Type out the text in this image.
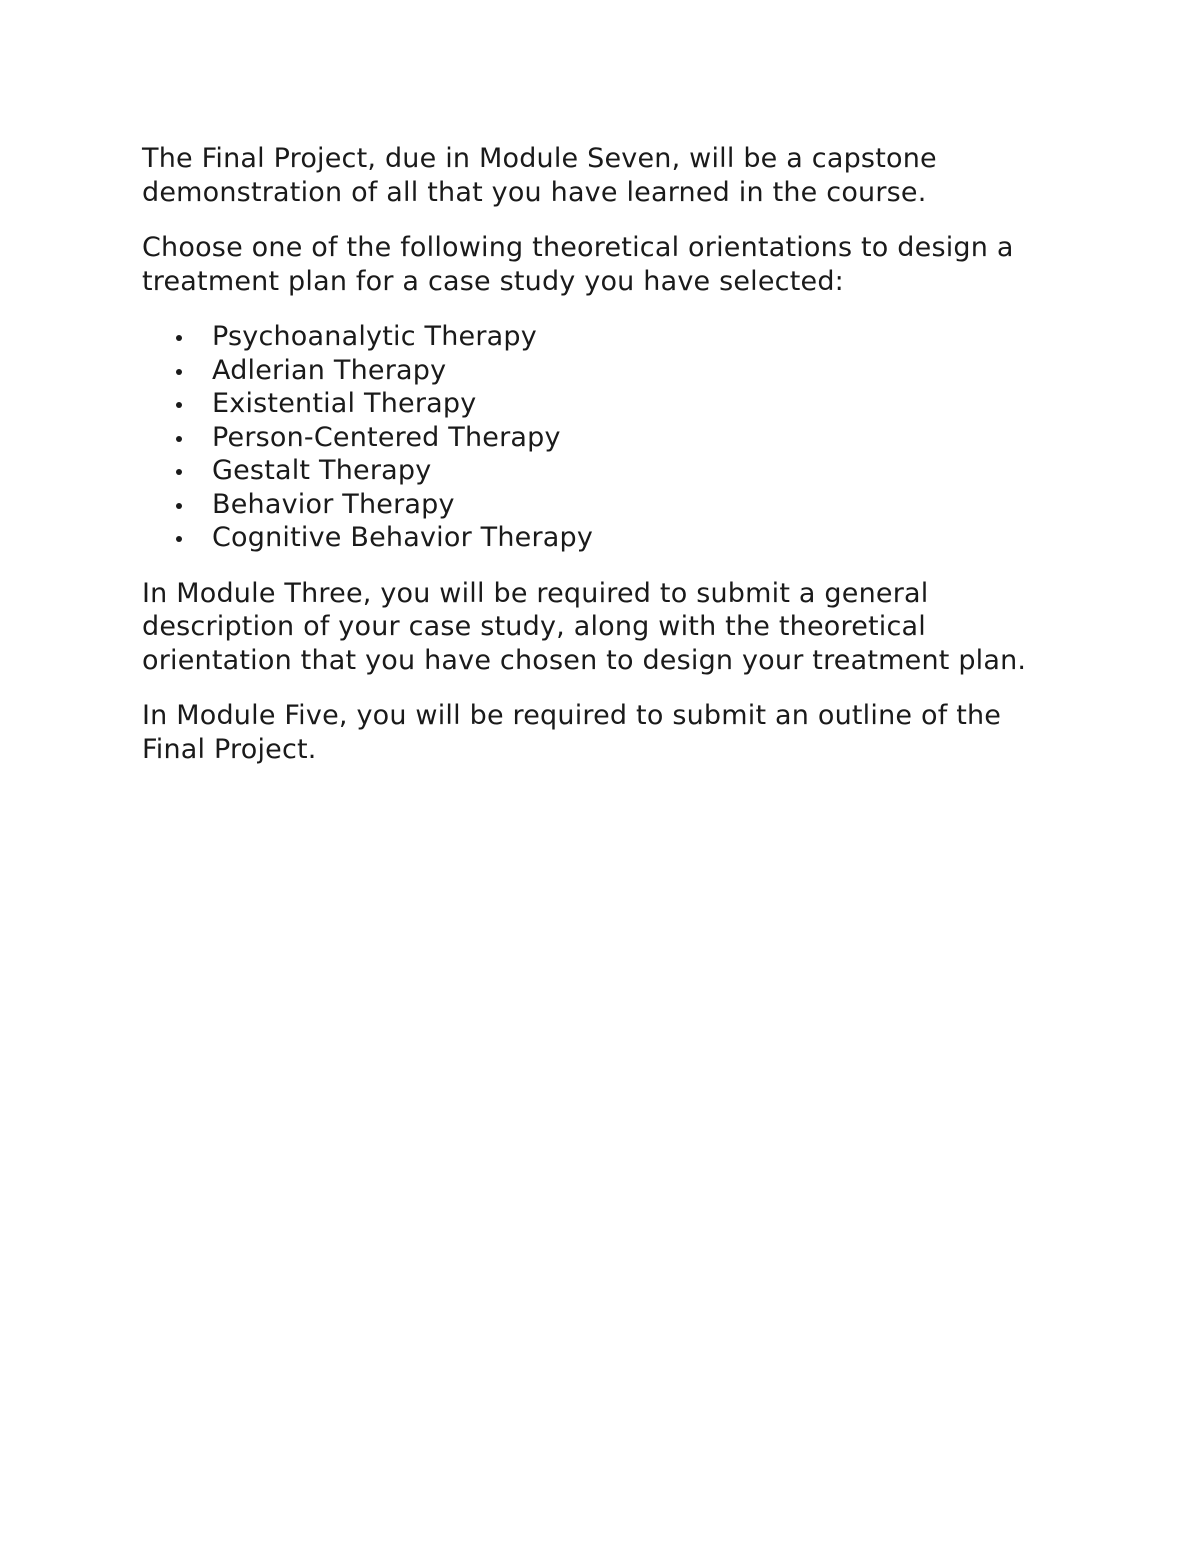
The Final Project, due in Module Seven, will be a capstone demonstration of all that you have learned in the course.

Choose one of the following theoretical orientations to design a treatment plan for a case study you have selected:

Psychoanalytic Therapy
Adlerian Therapy
Existential Therapy
Person-Centered Therapy
Gestalt Therapy
Behavior Therapy
Cognitive Behavior Therapy

In Module Three, you will be required to submit a general description of your case study, along with the theoretical orientation that you have chosen to design your treatment plan.

In Module Five, you will be required to submit an outline of the Final Project.
